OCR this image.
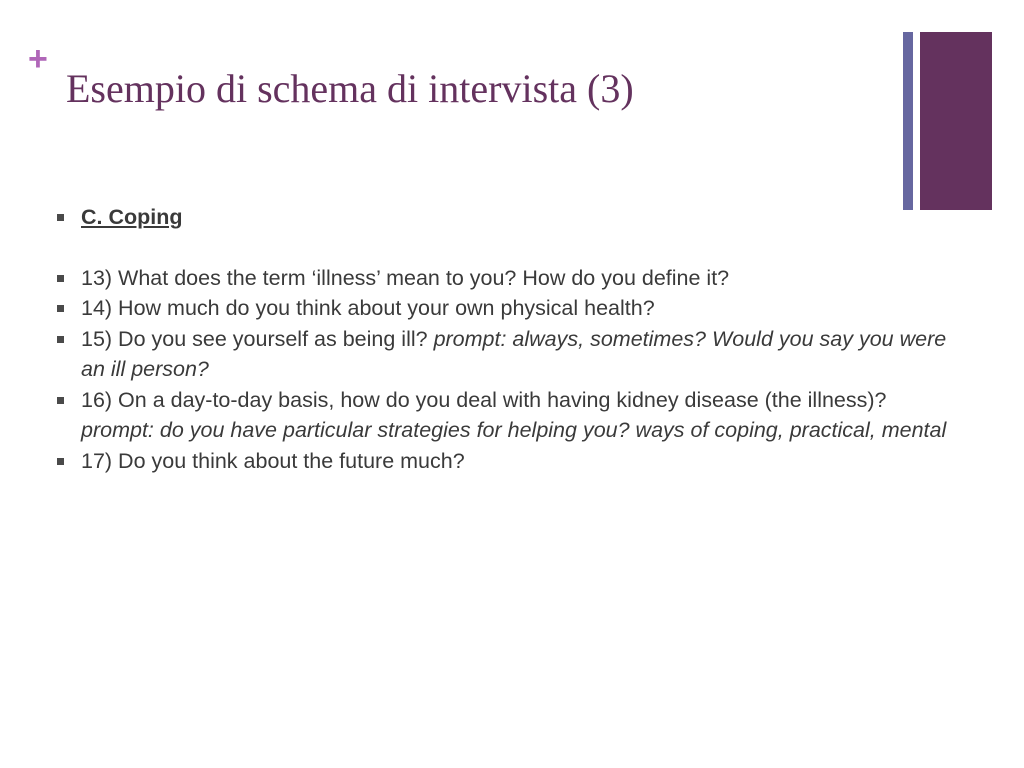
+
Esempio di schema di intervista (3)
C. Coping
13) What does the term ‘illness’ mean to you? How do you define it?
14) How much do you think about your own physical health?
15) Do you see yourself as being ill? prompt: always, sometimes? Would you say you were an ill person?
16) On a day-to-day basis, how do you deal with having kidney disease (the illness)? prompt: do you have particular strategies for helping you? ways of coping, practical, mental
17) Do you think about the future much?
